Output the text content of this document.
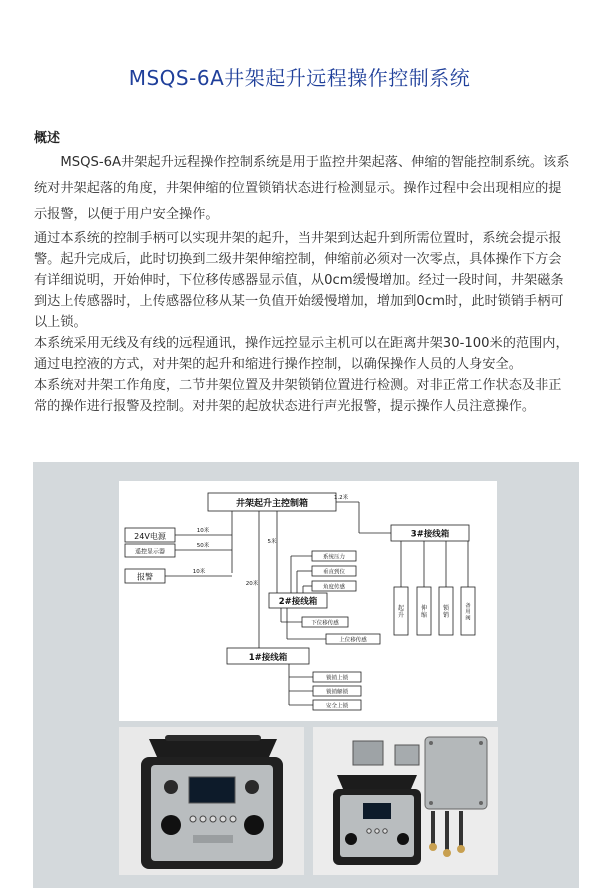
MSQS-6A井架起升远程操作控制系统
概述

MSQS-6A井架起升远程操作控制系统是用于监控井架起落、伸缩的智能控制系统。该系统对井架起落的角度，井架伸缩的位置锁销状态进行检测显示。操作过程中会出现相应的提示报警，以便于用户安全操作。

通过本系统的控制手柄可以实现井架的起升，当井架到达起升到所需位置时，系统会提示报警。起升完成后，此时切换到二级井架伸缩控制，伸缩前必须对一次零点，具体操作下方会有详细说明，开始伸时，下位移传感器显示值，从0cm缓慢增加。经过一段时间，井架磁条到达上传感器时，上传感器位移从某一负值开始缓慢增加，增加到0cm时，此时锁销手柄可以上锁。

本系统采用无线及有线的远程通讯，操作远控显示主机可以在距离井架30-100米的范围内，通过电控液的方式，对井架的起升和缩进行操作控制，以确保操作人员的人身安全。

本系统对井架工作角度，二节井架位置及井架锁销位置进行检测。对非正常工作状态及非正常的操作进行报警及控制。对井架的起放状态进行声光报警，提示操作人员注意操作。

井架起升主控制箱
24V电源
遥控显示器
报警
3#接线箱
2#接线箱
1#接线箱
10米
50米
10米
1.2米
5米
20米
系统压力
垂直到位
角度传感
下位移传感
上位移传感
锁销上锁
锁销解锁
安全上锁
起
升
伸
缩
锁
销
备
用
阀
